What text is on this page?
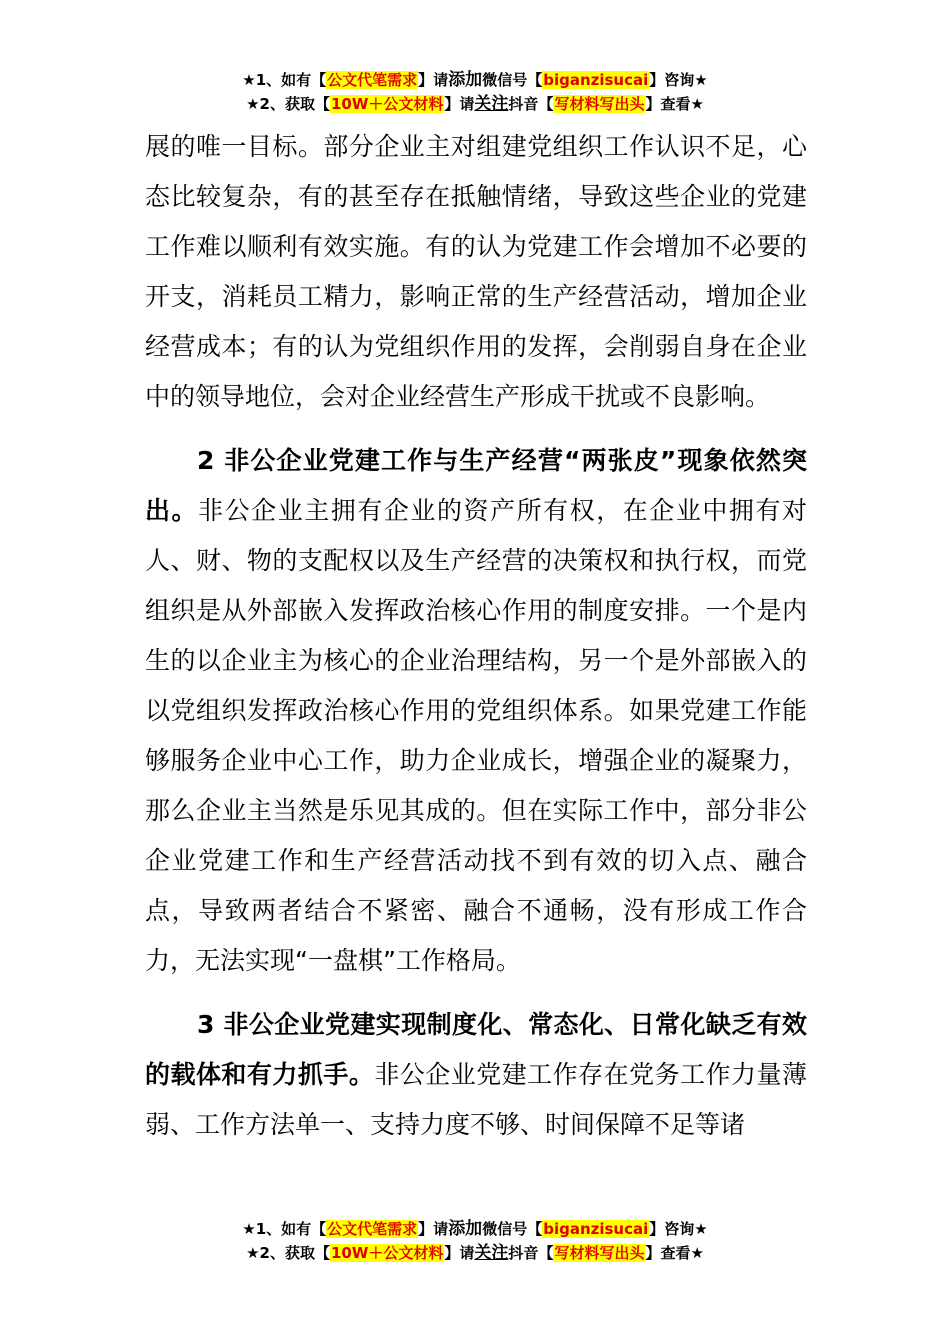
★1、如有【公文代笔需求】请添加微信号【biganzisucai】咨询★
★2、获取【10W＋公文材料】请关注抖音【写材料写出头】查看★

展的唯一目标。部分企业主对组建党组织工作认识不足，心态比较复杂，有的甚至存在抵触情绪，导致这些企业的党建工作难以顺利有效实施。有的认为党建工作会增加不必要的开支，消耗员工精力，影响正常的生产经营活动，增加企业经营成本；有的认为党组织作用的发挥，会削弱自身在企业中的领导地位，会对企业经营生产形成干扰或不良影响。

2 非公企业党建工作与生产经营“两张皮”现象依然突出。非公企业主拥有企业的资产所有权，在企业中拥有对人、财、物的支配权以及生产经营的决策权和执行权，而党组织是从外部嵌入发挥政治核心作用的制度安排。一个是内生的以企业主为核心的企业治理结构，另一个是外部嵌入的以党组织发挥政治核心作用的党组织体系。如果党建工作能够服务企业中心工作，助力企业成长，增强企业的凝聚力，那么企业主当然是乐见其成的。但在实际工作中，部分非公企业党建工作和生产经营活动找不到有效的切入点、融合点，导致两者结合不紧密、融合不通畅，没有形成工作合力，无法实现“一盘棋”工作格局。

3 非公企业党建实现制度化、常态化、日常化缺乏有效的载体和有力抓手。非公企业党建工作存在党务工作力量薄弱、工作方法单一、支持力度不够、时间保障不足等诸

★1、如有【公文代笔需求】请添加微信号【biganzisucai】咨询★
★2、获取【10W＋公文材料】请关注抖音【写材料写出头】查看★
